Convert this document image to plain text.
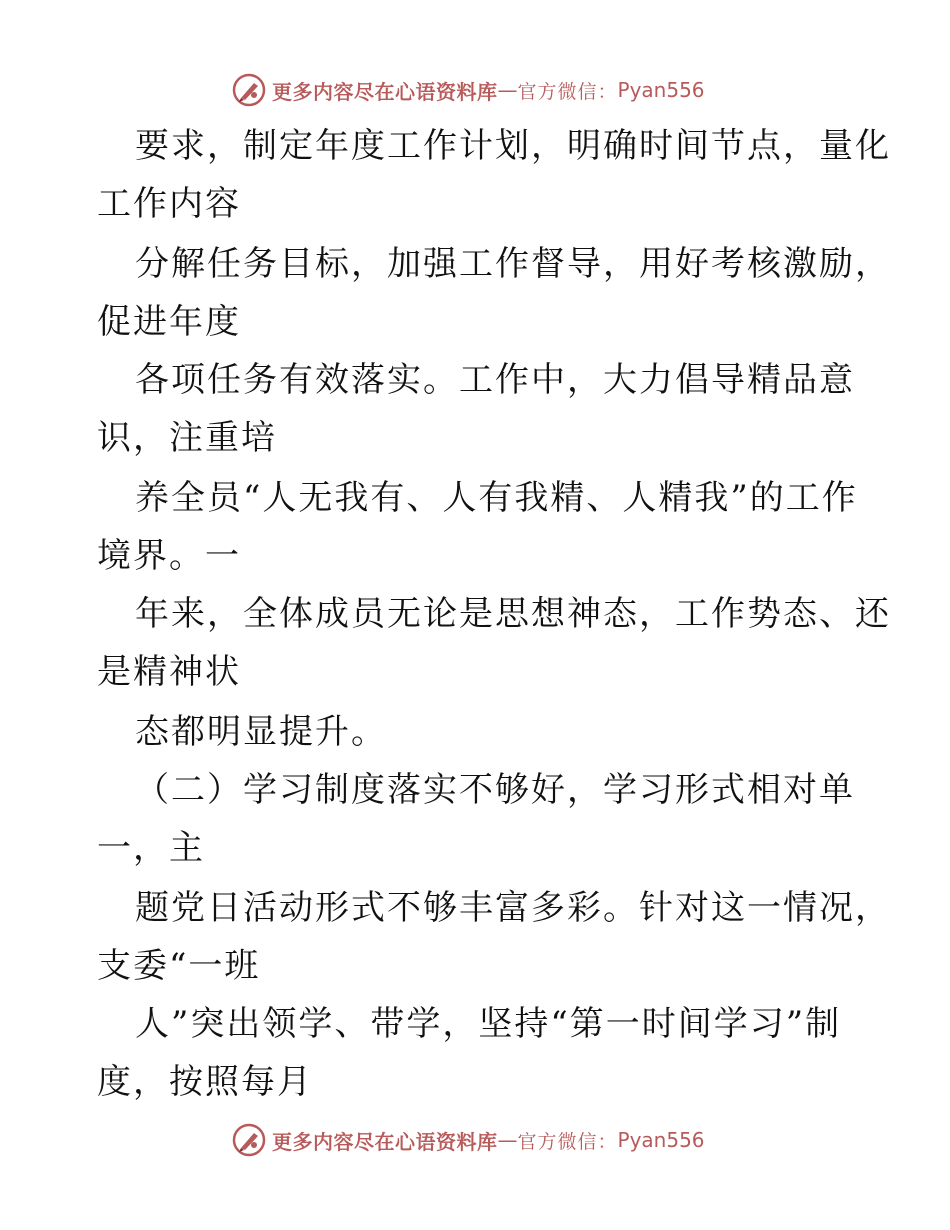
更多内容尽在心语资料库 — 官方微信： Pyan556
要求，制定年度工作计划，明确时间节点，量化
工作内容
分解任务目标，加强工作督导，用好考核激励，
促进年度
各项任务有效落实。工作中，大力倡导精品意
识，注重培
养全员“人无我有、人有我精、人精我”的工作
境界。一
年来，全体成员无论是思想神态，工作势态、还
是精神状
态都明显提升。
（二）学习制度落实不够好，学习形式相对单
一，主
题党日活动形式不够丰富多彩。针对这一情况，
支委“一班
人”突出领学、带学，坚持“第一时间学习”制
度，按照每月
更多内容尽在心语资料库 — 官方微信： Pyan556
